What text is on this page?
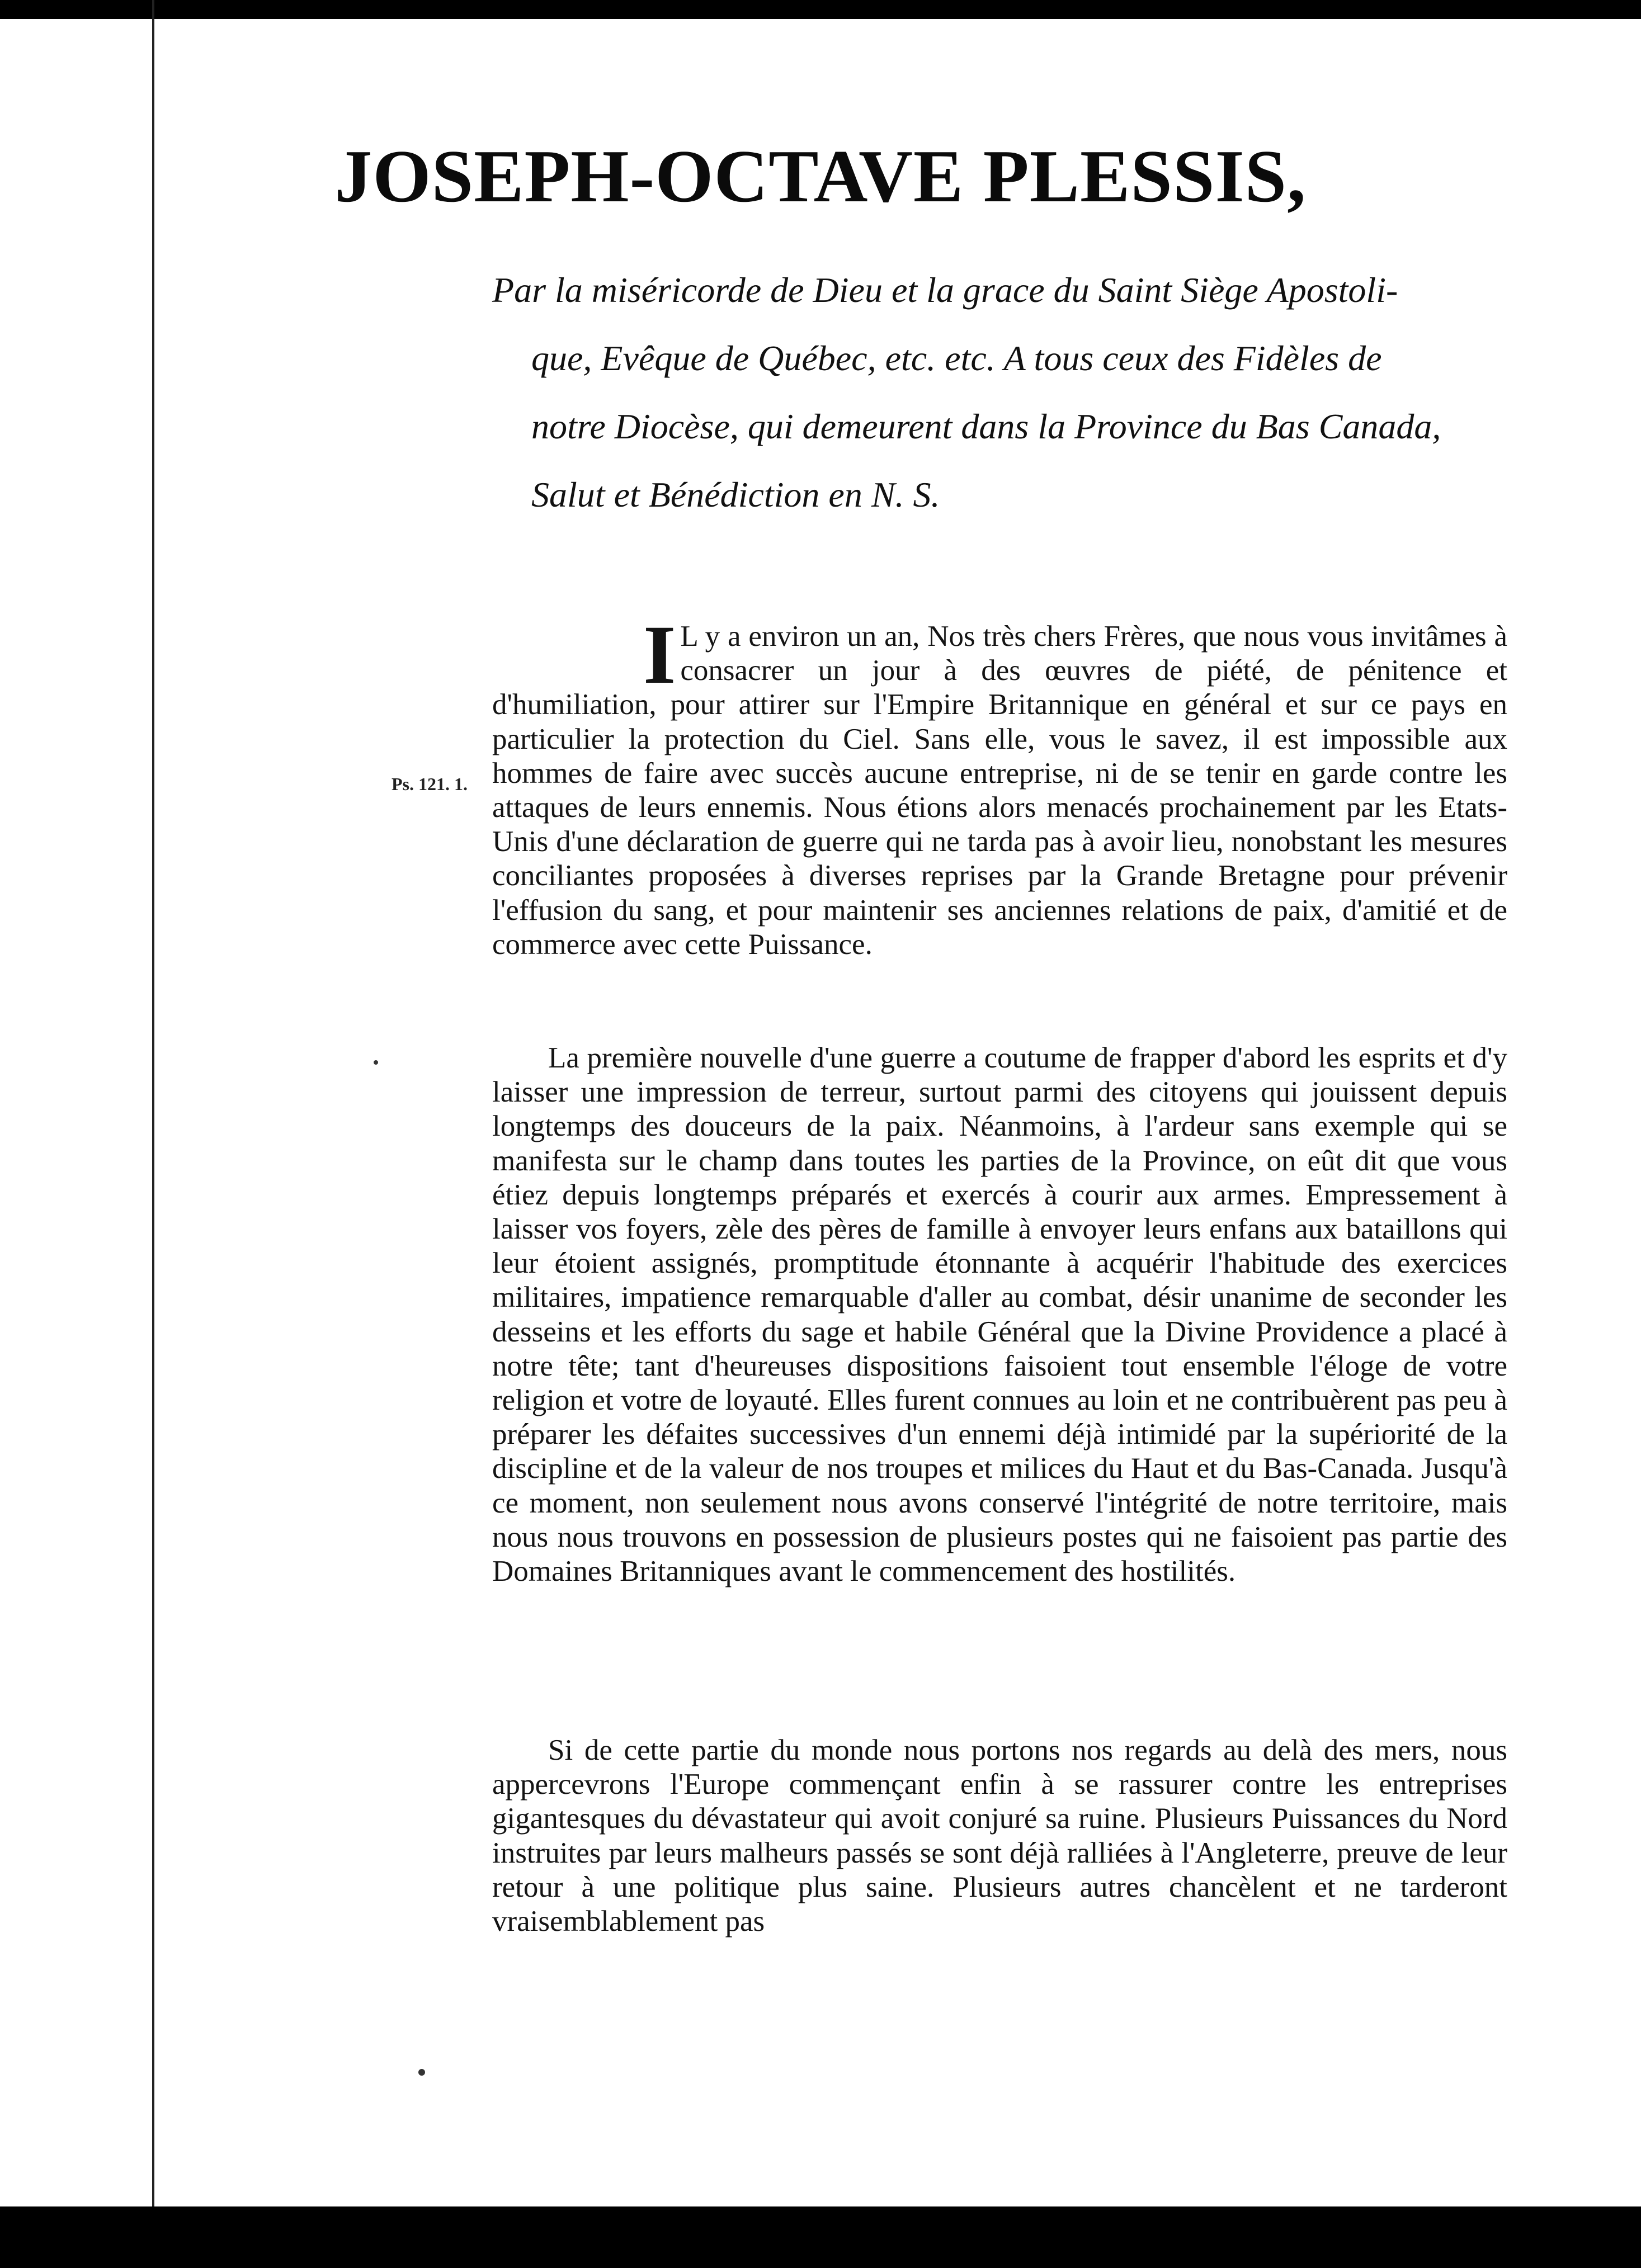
JOSEPH-OCTAVE PLESSIS,

Par la miséricorde de Dieu et la grace du Saint Siège Apostoli-
que, Evêque de Québec, etc. etc. A tous ceux des Fidèles de
notre Diocèse, qui demeurent dans la Province du Bas Canada,
Salut et Bénédiction en N. S.

Ps. 121. 1.

I L y a environ un an, Nos très chers Frères, que nous vous invitâmes à consacrer un jour à des œuvres de piété, de pénitence et d'humiliation, pour attirer sur l'Empire Britannique en général et sur ce pays en particulier la protection du Ciel. Sans elle, vous le savez, il est impossible aux hommes de faire avec succès aucune entreprise, ni de se tenir en garde contre les attaques de leurs ennemis. Nous étions alors menacés prochainement par les Etats-Unis d'une déclaration de guerre qui ne tarda pas à avoir lieu, nonobstant les mesures conciliantes proposées à diverses reprises par la Grande Bretagne pour prévenir l'effusion du sang, et pour maintenir ses anciennes relations de paix, d'amitié et de commerce avec cette Puissance.

La première nouvelle d'une guerre a coutume de frapper d'abord les esprits et d'y laisser une impression de terreur, surtout parmi des citoyens qui jouissent depuis longtemps des douceurs de la paix. Néanmoins, à l'ardeur sans exemple qui se manifesta sur le champ dans toutes les parties de la Province, on eût dit que vous étiez depuis longtemps préparés et exercés à courir aux armes. Empressement à laisser vos foyers, zèle des pères de famille à envoyer leurs enfans aux bataillons qui leur étoient assignés, promptitude étonnante à acquérir l'habitude des exercices militaires, impatience remarquable d'aller au combat, désir unanime de seconder les desseins et les efforts du sage et habile Général que la Divine Providence a placé à notre tête; tant d'heureuses dispositions faisoient tout ensemble l'éloge de votre religion et votre de loyauté. Elles furent connues au loin et ne contribuèrent pas peu à préparer les défaites successives d'un ennemi déjà intimidé par la supériorité de la discipline et de la valeur de nos troupes et milices du Haut et du Bas-Canada. Jusqu'à ce moment, non seulement nous avons conservé l'intégrité de notre territoire, mais nous nous trouvons en possession de plusieurs postes qui ne faisoient pas partie des Domaines Britanniques avant le commencement des hostilités.

Si de cette partie du monde nous portons nos regards au delà des mers, nous appercevrons l'Europe commençant enfin à se rassurer contre les entreprises gigantesques du dévastateur qui avoit conjuré sa ruine. Plusieurs Puissances du Nord instruites par leurs malheurs passés se sont déjà ralliées à l'Angleterre, preuve de leur retour à une politique plus saine. Plusieurs autres chancèlent et ne tarderont vraisemblablement pas
